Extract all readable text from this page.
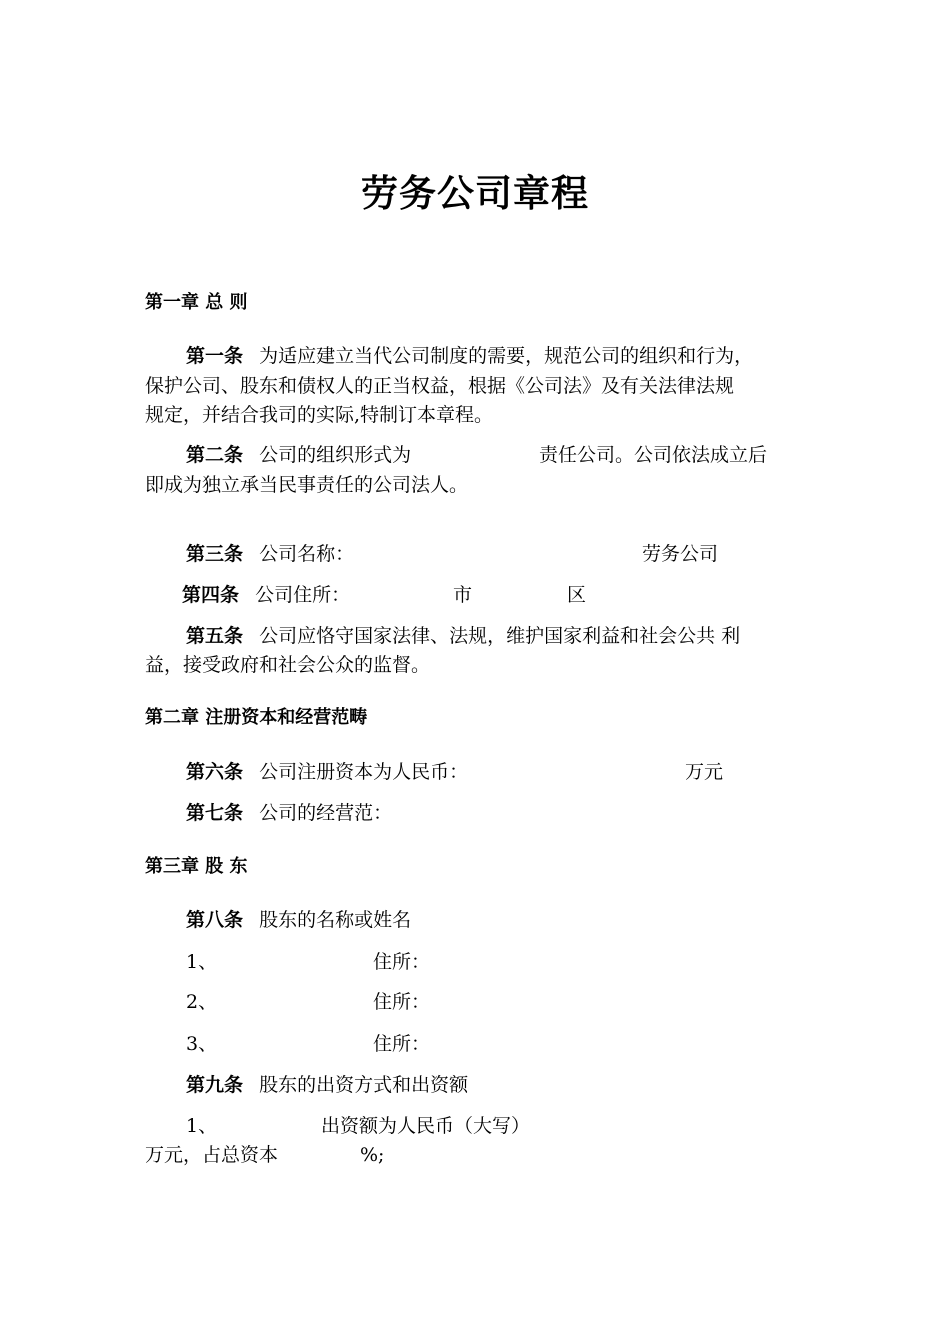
劳务公司章程
第一章 总 则
第一条 为适应建立当代公司制度的需要，规范公司的组织和行为，
保护公司、股东和债权人的正当权益，根据《公司法》及有关法律法规
规定，并结合我司的实际,特制订本章程。
第二条 公司的组织形式为	责任公司。公司依法成立后
即成为独立承当民事责任的公司法人。
第三条 公司名称：	劳务公司
第四条 公司住所：	市	区
第五条 公司应恪守国家法律、法规，维护国家利益和社会公共 利
益，接受政府和社会公众的监督。
第二章 注册资本和经营范畴
第六条 公司注册资本为人民币：	万元
第七条 公司的经营范：
第三章 股 东
第八条 股东的名称或姓名
1、	住所：
2、	住所：
3、	住所：
第九条 股东的出资方式和出资额
1、	出资额为人民币（大写）
万元，占总资本	%;
